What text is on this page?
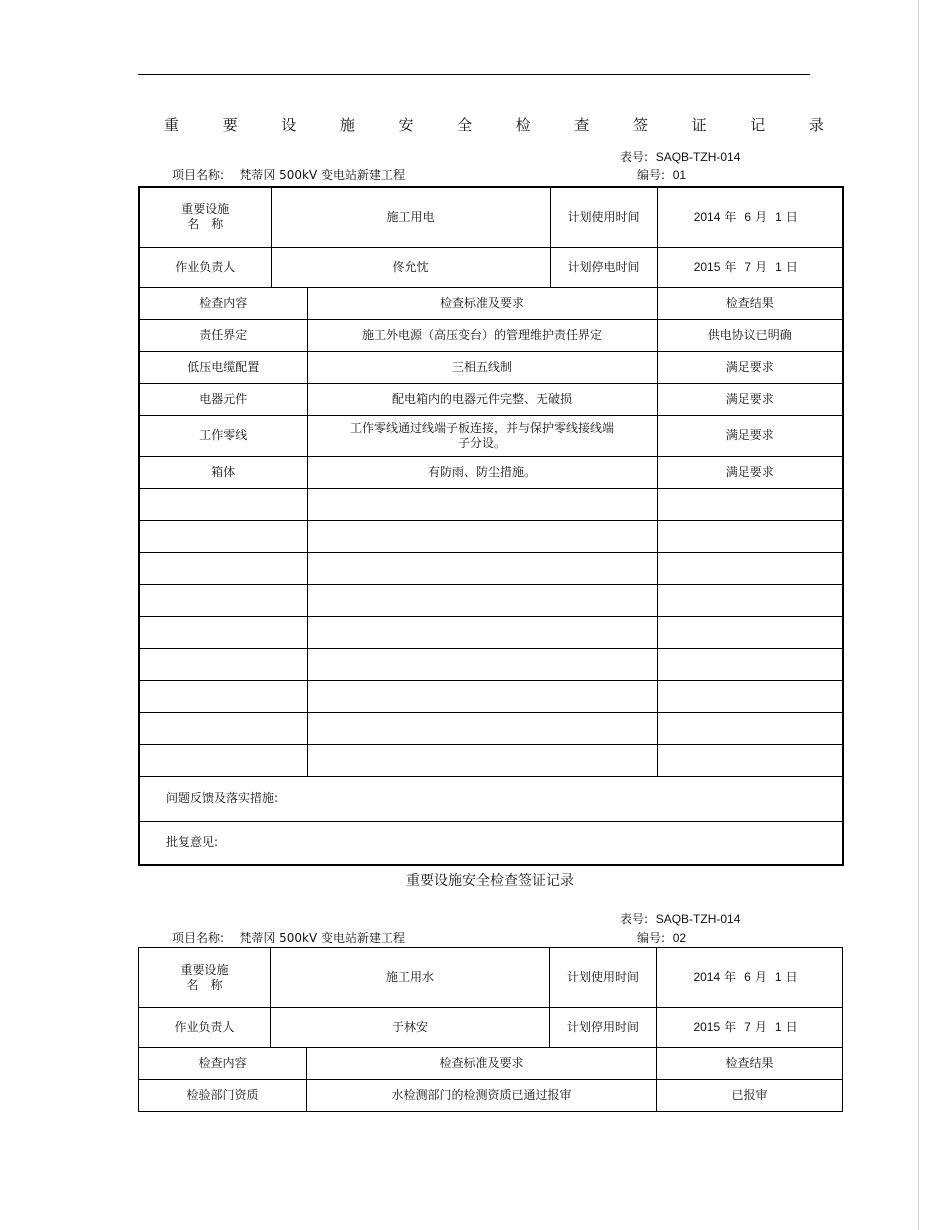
重	要	设	施	安	全	检	查	签	证	记	录
表号: SAQB-TZH-014
项目名称: 梵蒂冈 500kV 变电站新建工程	编号: 01
重要设施
名　称	施工用电		计划使用时间	2014 年 6 月 1 日
作业负责人	佟允忱		计划停电时间	2015 年 7 月 1 日
检查内容		检查标准及要求		检查结果
责任界定		施工外电源（高压变台）的管理维护责任界定		供电协议已明确
低压电缆配置		三相五线制		满足要求
电器元件		配电箱内的电器元件完整、无破损		满足要求
工作零线		工作零线通过线端子板连接，并与保护零线接线端子分设。		满足要求
箱体		有防雨、防尘措施。		满足要求

问题反馈及落实措施:				
批复意见:				
重要设施安全检查签证记录
表号: SAQB-TZH-014
项目名称: 梵蒂冈 500kV 变电站新建工程	编号: 02
重要设施
名　称	施工用水		计划使用时间	2014 年 6 月 1 日
作业负责人	于林安		计划停用时间	2015 年 7 月 1 日
检查内容		检查标准及要求		检查结果
检验部门资质		水检测部门的检测资质已通过报审		已报审
